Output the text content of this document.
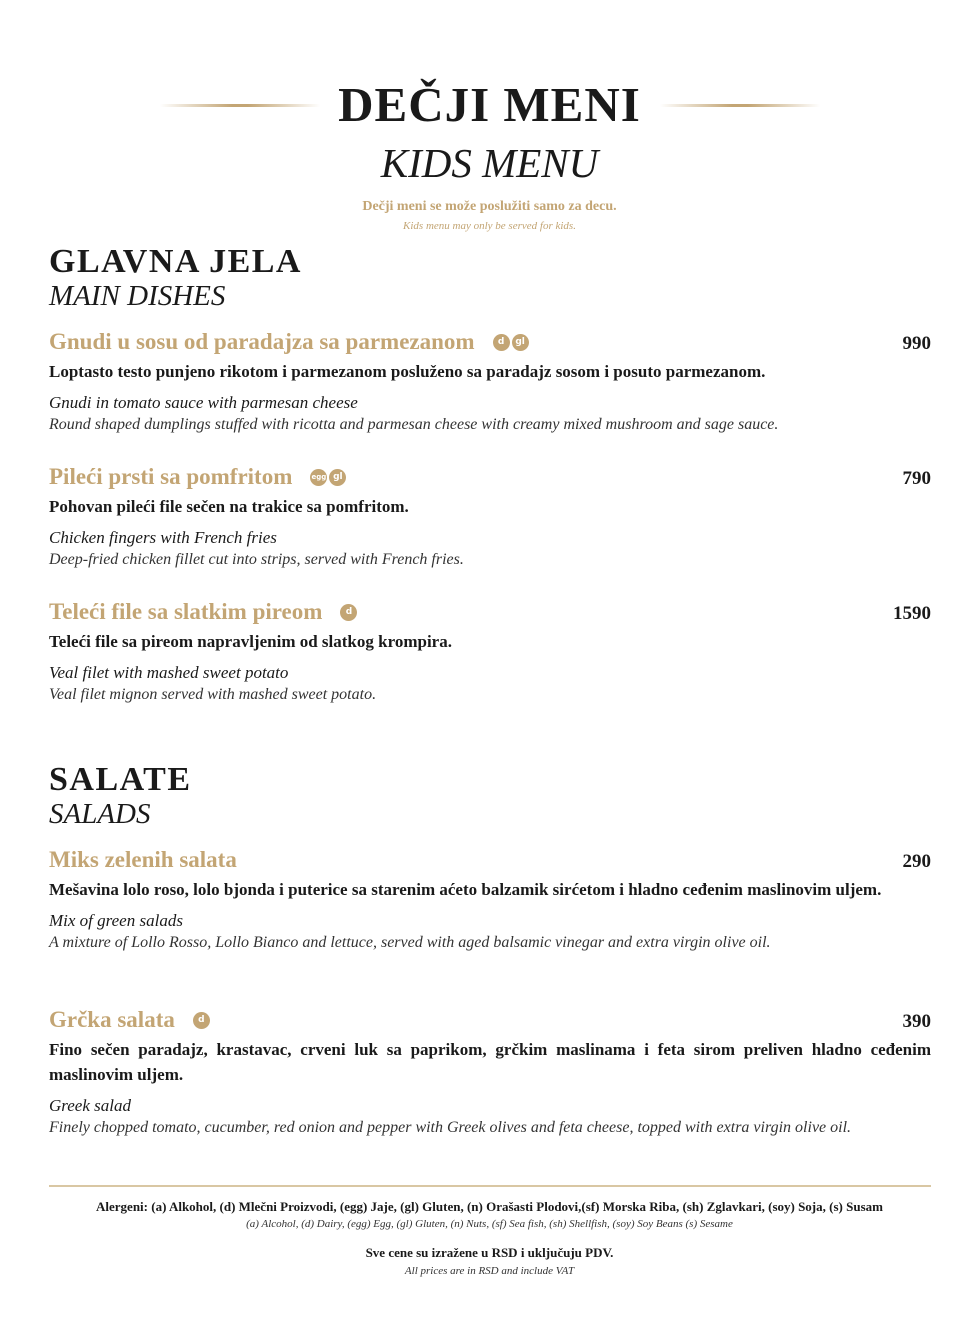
DEČJI MENI
KIDS MENU
Dečji meni se može poslužiti samo za decu.
Kids menu may only be served for kids.
GLAVNA JELA
MAIN DISHES
Gnudi u sosu od paradajza sa parmezanom	d gl	990
Loptasto testo punjeno rikotom i parmezanom posluženo sa paradajz sosom i posuto parmezanom.
Gnudi in tomato sauce with parmesan cheese
Round shaped dumplings stuffed with ricotta and parmesan cheese with creamy mixed mushroom and sage sauce.
Pileći prsti sa pomfritom	egg gl	790
Pohovan pileći file sečen na trakice sa pomfritom.
Chicken fingers with French fries
Deep-fried chicken fillet cut into strips, served with French fries.
Teleći file sa slatkim pireom	d	1590
Teleći file sa pireom napravljenim od slatkog krompira.
Veal filet with mashed sweet potato
Veal filet mignon served with mashed sweet potato.
SALATE
SALADS
Miks zelenih salata	290
Mešavina lolo roso, lolo bjonda i puterice sa starenim aćeto balzamik sirćetom i hladno ceđenim maslinovim uljem.
Mix of green salads
A mixture of Lollo Rosso, Lollo Bianco and lettuce, served with aged balsamic vinegar and extra virgin olive oil.
Grčka salata	d	390
Fino sečen paradajz, krastavac, crveni luk sa paprikom, grčkim maslinama i feta sirom preliven hladno ceđenim maslinovim uljem.
Greek salad
Finely chopped tomato, cucumber, red onion and pepper with Greek olives and feta cheese, topped with extra virgin olive oil.
Alergeni: (a) Alkohol, (d) Mlečni Proizvodi, (egg) Jaje, (gl) Gluten, (n) Orašasti Plodovi,(sf) Morska Riba, (sh) Zglavkari, (soy) Soja, (s) Susam
(a) Alcohol, (d) Dairy, (egg) Egg, (gl) Gluten, (n) Nuts, (sf) Sea fish, (sh) Shellfish, (soy) Soy Beans (s) Sesame
Sve cene su izražene u RSD i uključuju PDV.
All prices are in RSD and include VAT
